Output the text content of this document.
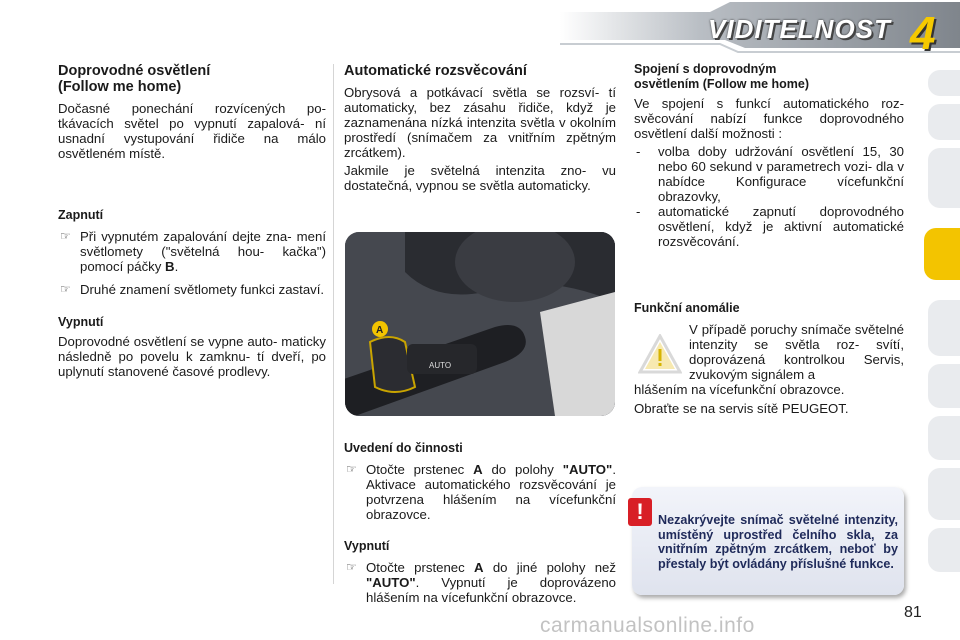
VIDITELNOST 4
Doprovodné osvětlení
(Follow me home)

Dočasné ponechání rozvícených po- tkávacích světel po vypnutí zapalová- ní usnadní vystupování řidiče na málo osvětleném místě.

Zapnutí
☞ Při vypnutém zapalování dejte zna- mení světlomety ("světelná hou- kačka") pomocí páčky B.
☞ Druhé znamení světlomety funkci zastaví.
Vypnutí

Doprovodné osvětlení se vypne auto- maticky následně po povelu k zamknu- tí dveří, po uplynutí stanovené časové prodlevy.

Automatické rozsvěcování

Obrysová a potkávací světla se rozsví- tí automaticky, bez zásahu řidiče, když je zaznamenána nízká intenzita světla v okolním prostředí (snímačem za vnitřním zpětným zrcátkem).

Jakmile je světelná intenzita zno- vu dostatečná, vypnou se světla automaticky.

AUTO
A
Uvedení do činnosti
☞ Otočte prstenec A do polohy "AUTO". Aktivace automatického rozsvěcování je potvrzena hlášením na vícefunkční obrazovce.
Vypnutí
☞ Otočte prstenec A do jiné polohy než "AUTO". Vypnutí je doprovázeno hlášením na vícefunkční obrazovce.
Spojení s doprovodným
osvětlením (Follow me home)

Ve spojení s funkcí automatického roz- svěcování nabízí funkce doprovodného osvětlení další možnosti :

- volba doby udržování osvětlení 15, 30 nebo 60 sekund v parametrech vozi- dla v nabídce Konfigurace vícefunkční obrazovky,
- automatické zapnutí doprovodného osvětlení, když je aktivní automatické rozsvěcování.
Funkční anomálie

V případě poruchy snímače světelné intenzity se světla roz- svítí, doprovázená kontrolkou Servis, zvukovým signálem a

hlášením na vícefunkční obrazovce.

Obraťte se na servis sítě PEUGEOT.

!	Nezakrývejte snímač světelné intenzity, umístěný uprostřed čelního skla, za vnitřním zpětným zrcátkem, neboť by přestaly být ovládány příslušné funkce.
81
carmanualsonline.info
